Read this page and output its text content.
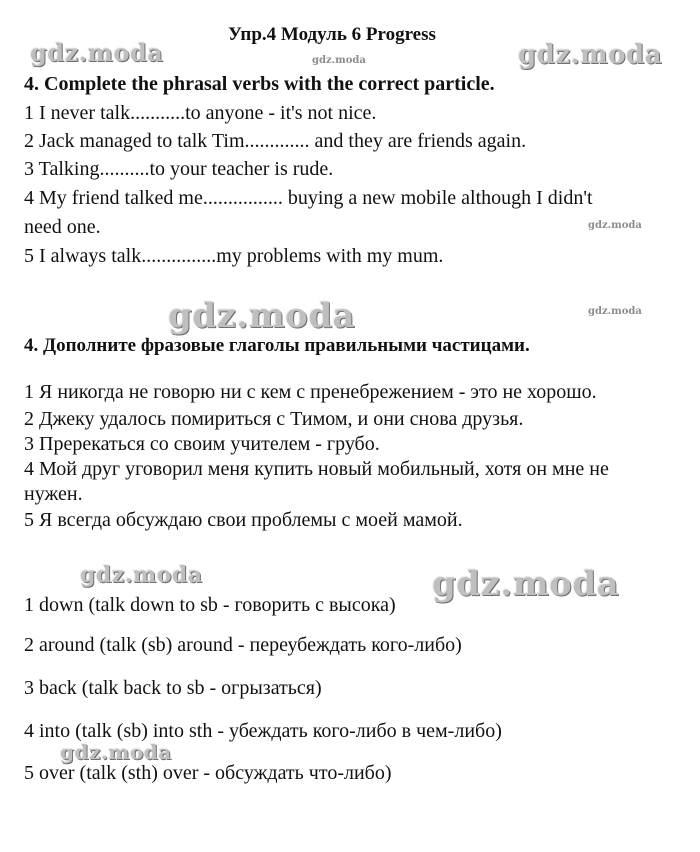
Упр.4 Модуль 6 Progress
gdz.moda	gdz.moda	gdz.moda
gdz.moda
gdz.moda	gdz.moda
gdz.moda	gdz.moda
gdz.moda
4. Complete the phrasal verbs with the correct particle.
1 I never talk...........to anyone - it's not nice.
2 Jack managed to talk Tim............. and they are friends again.
3 Talking..........to your teacher is rude.
4 My friend talked me................ buying a new mobile although I didn't
need one.
5 I always talk...............my problems with my mum.
4. Дополните фразовые глаголы правильными частицами.
1 Я никогда не говорю ни с кем с пренебрежением - это не хорошо.
2 Джеку удалось помириться с Тимом, и они снова друзья.
3 Пререкаться со своим учителем - грубо.
4 Мой друг уговорил меня купить новый мобильный, хотя он мне не
нужен.
5 Я всегда обсуждаю свои проблемы с моей мамой.
1 down (talk down to sb - говорить с высока)
2 around (talk (sb) around - переубеждать кого-либо)
3 back (talk back to sb - огрызаться)
4 into (talk (sb) into sth - убеждать кого-либо в чем-либо)
5 over (talk (sth) over - обсуждать что-либо)
